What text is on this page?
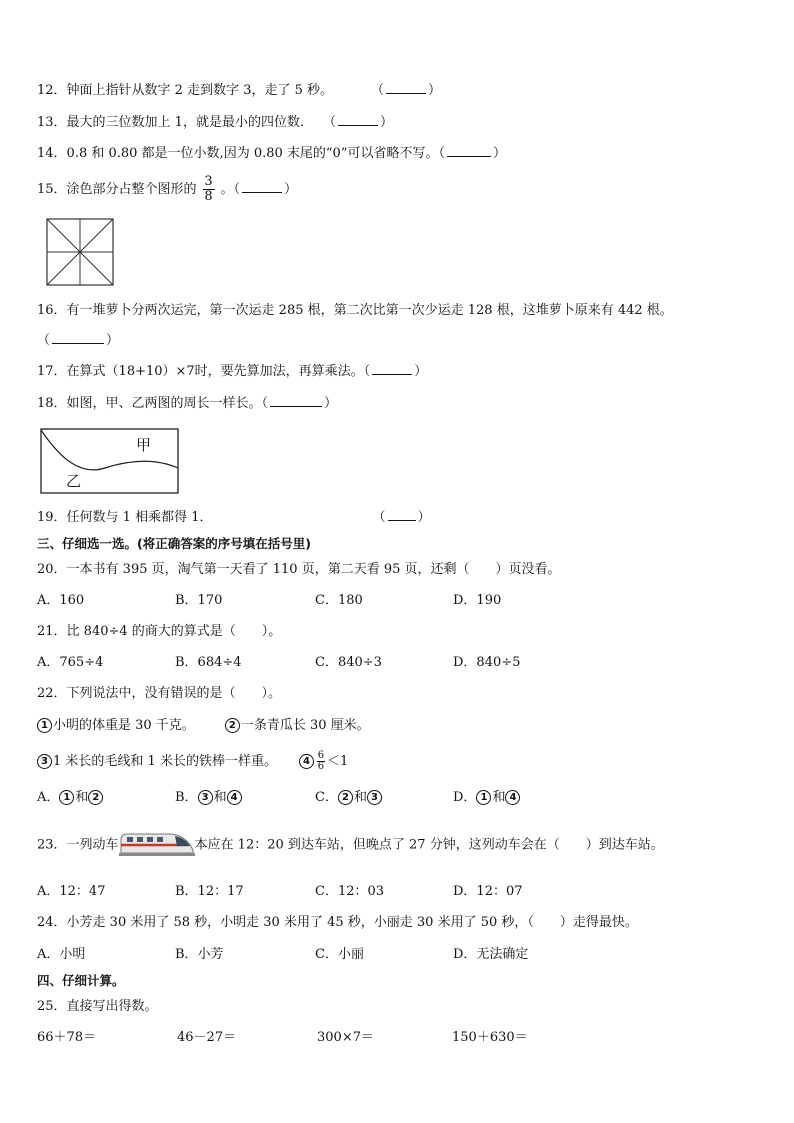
12．钟面上指针从数字 2 走到数字 3，走了 5 秒。	（	）
13．最大的三位数加上 1，就是最小的四位数． （	）
14．0.8 和 0.80 都是一位小数,因为 0.80 末尾的“0”可以省略不写。（	）
15．涂色部分占整个图形的 $\frac{3}{8}$ 。（	）
16．有一堆萝卜分两次运完，第一次运走 285 根，第二次比第一次少运走 128 根，这堆萝卜原来有 442 根。
（	）
17．在算式（18+10）×7时，要先算加法，再算乘法。（	）
18．如图，甲、乙两图的周长一样长。（	）
甲
乙
19．任何数与 1 相乘都得 1．	（ ）
三、仔细选一选。(将正确答案的序号填在括号里)
20．一本书有 395 页，淘气第一天看了 110 页，第二天看 95 页，还剩（　　）页没看。
A．160	B．170	C．180	D．190
21．比 840÷4 的商大的算式是（　　）。
A．765÷4	B．684÷4	C．840÷3	D．840÷5
22．下列说法中，没有错误的是（　　）。
1 小明的体重是 30 千克。	2 一条青瓜长 30 厘米。
3 1 米长的毛线和 1 米长的铁棒一样重。	$4 \frac{6}{6} <1$
A． 1 和 2	B． 3 和 4	C． 2 和 3	D． 1 和 4
23．一列动车	本应在 12：20 到达车站，但晚点了 27 分钟，这列动车会在（　　）到达车站。
A．12：47	B．12：17	C．12：03	D．12：07
24．小芳走 30 米用了 58 秒，小明走 30 米用了 45 秒，小丽走 30 米用了 50 秒，（　　）走得最快。
A．小明	B．小芳	C．小丽	D．无法确定
四、仔细计算。
25．直接写出得数。
66＋78＝	46－27＝	300×7＝	150＋630＝
